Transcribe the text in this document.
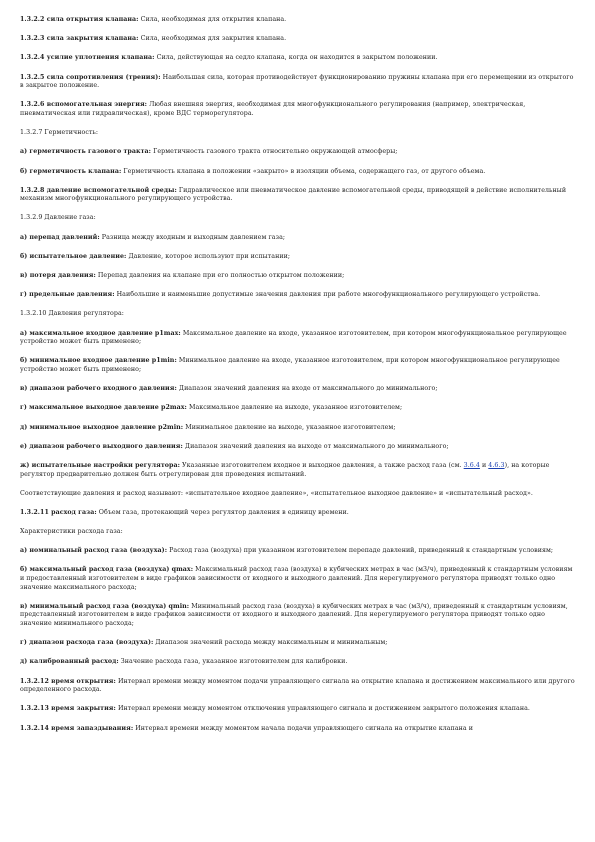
1.3.2.2 сила открытия клапана: Сила, необходимая для открытия клапана.

1.3.2.3 сила закрытия клапана: Сила, необходимая для закрытия клапана.

1.3.2.4 усилие уплотнения клапана: Сила, действующая на седло клапана, когда он находится в закрытом положении.

1.3.2.5 сила сопротивления (трения): Наибольшая сила, которая противодействует функционированию пружины клапана при его перемещении из открытого в закрытое положение.

1.3.2.6 вспомогательная энергия: Любая внешняя энергия, необходимая для многофункционального регулирования (например, электрическая, пневматическая или гидравлическая), кроме ВДС терморегулятора.

1.3.2.7 Герметичность:

а) герметичность газового тракта: Герметичность газового тракта относительно окружающей атмосферы;

б) герметичность клапана: Герметичность клапана в положении «закрыто» в изоляции объема, содержащего газ, от другого объема.

1.3.2.8 давление вспомогательной среды: Гидравлическое или пневматическое давление вспомогательной среды, приводящей в действие исполнительный механизм многофункционального регулирующего устройства.

1.3.2.9 Давление газа:

а) перепад давлений: Разница между входным и выходным давлением газа;

б) испытательное давление: Давление, которое используют при испытании;

в) потеря давления: Перепад давления на клапане при его полностью открытом положении;

г) предельные давления: Наибольшие и наименьшие допустимые значения давления при работе многофункционального регулирующего устройства.

1.3.2.10 Давления регулятора:

а) максимальное входное давление p1max: Максимальное давление на входе, указанное изготовителем, при котором многофункциональное регулирующее устройство может быть применено;

б) минимальное входное давление p1min: Минимальное давление на входе, указанное изготовителем, при котором многофункциональное регулирующее устройство может быть применено;

в) диапазон рабочего входного давления: Диапазон значений давления на входе от максимального до минимального;

г) максимальное выходное давление p2max: Максимальное давление на выходе, указанное изготовителем;

д) минимальное выходное давление p2min: Минимальное давление на выходе, указанное изготовителем;

е) диапазон рабочего выходного давления: Диапазон значений давления на выходе от максимального до минимального;

ж) испытательные настройки регулятора: Указанные изготовителем входное и выходное давления, а также расход газа (см. 3.6.4 и 4.6.3), на которые регулятор предварительно должен быть отрегулирован для проведения испытаний.

Соответствующие давления и расход называют: «испытательное входное давление», «испытательное выходное давление» и «испытательный расход».

1.3.2.11 расход газа: Объем газа, протекающий через регулятор давления в единицу времени.

Характеристики расхода газа:

а) номинальный расход газа (воздуха): Расход газа (воздуха) при указанном изготовителем перепаде давлений, приведенный к стандартным условиям;

б) максимальный расход газа (воздуха) qmax: Максимальный расход газа (воздуха) в кубических метрах в час (м3/ч), приведенный к стандартным условиям и предоставленный изготовителем в виде графиков зависимости от входного и выходного давлений. Для нерегулируемого регулятора приводят только одно значение максимального расхода;

в) минимальный расход газа (воздуха) qmin: Минимальный расход газа (воздуха) в кубических метрах в час (м3/ч), приведенный к стандартным условиям, представленный изготовителем в виде графиков зависимости от входного и выходного давлений. Для нерегулируемого регулятора приводят только одно значение минимального расхода;

г) диапазон расхода газа (воздуха): Диапазон значений расхода между максимальным и минимальным;

д) калиброванный расход: Значение расхода газа, указанное изготовителем для калибровки.

1.3.2.12 время открытия: Интервал времени между моментом подачи управляющего сигнала на открытие клапана и достижением максимального или другого определенного расхода.

1.3.2.13 время закрытия: Интервал времени между моментом отключения управляющего сигнала и достижением закрытого положения клапана.

1.3.2.14 время запаздывания: Интервал времени между моментом начала подачи управляющего сигнала на открытие клапана и
